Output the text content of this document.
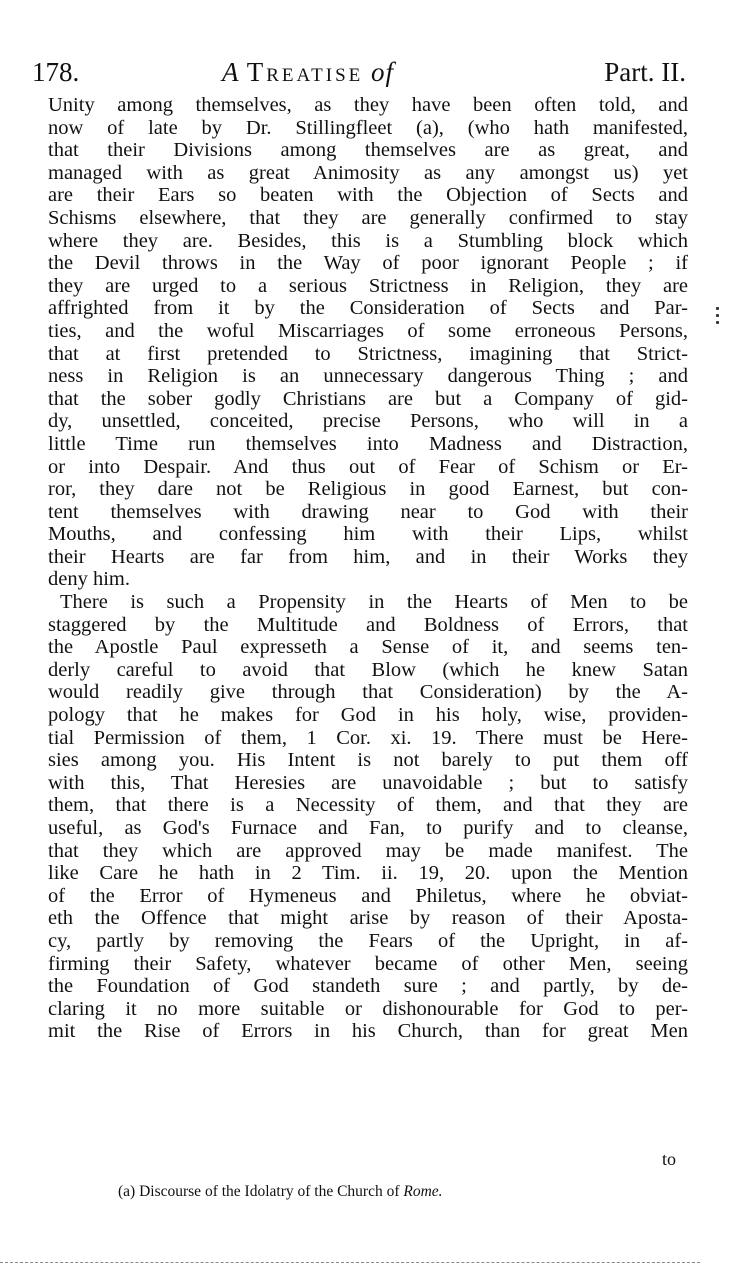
178.	A Treatise of	Part. II.
Unity among themselves, as they have been often told, and
now of late by Dr. Stillingfleet (a), (who hath manifested,
that their Divisions among themselves are as great, and
managed with as great Animosity as any amongst us) yet
are their Ears so beaten with the Objection of Sects and
Schisms elsewhere, that they are generally confirmed to stay
where they are. Besides, this is a Stumbling block which
the Devil throws in the Way of poor ignorant People ; if
they are urged to a serious Strictness in Religion, they are
affrighted from it by the Consideration of Sects and Par-
ties, and the woful Miscarriages of some erroneous Persons,
that at first pretended to Strictness, imagining that Strict-
ness in Religion is an unnecessary dangerous Thing ; and
that the sober godly Christians are but a Company of gid-
dy, unsettled, conceited, precise Persons, who will in a
little Time run themselves into Madness and Distraction,
or into Despair. And thus out of Fear of Schism or Er-
ror, they dare not be Religious in good Earnest, but con-
tent themselves with drawing near to God with their
Mouths, and confessing him with their Lips, whilst
their Hearts are far from him, and in their Works they
deny him.
There is such a Propensity in the Hearts of Men to be
staggered by the Multitude and Boldness of Errors, that
the Apostle Paul expresseth a Sense of it, and seems ten-
derly careful to avoid that Blow (which he knew Satan
would readily give through that Consideration) by the A-
pology that he makes for God in his holy, wise, providen-
tial Permission of them, 1 Cor. xi. 19. There must be Here-
sies among you. His Intent is not barely to put them off
with this, That Heresies are unavoidable ; but to satisfy
them, that there is a Necessity of them, and that they are
useful, as God's Furnace and Fan, to purify and to cleanse,
that they which are approved may be made manifest. The
like Care he hath in 2 Tim. ii. 19, 20. upon the Mention
of the Error of Hymeneus and Philetus, where he obviat-
eth the Offence that might arise by reason of their Aposta-
cy, partly by removing the Fears of the Upright, in af-
firming their Safety, whatever became of other Men, seeing
the Foundation of God standeth sure ; and partly, by de-
claring it no more suitable or dishonourable for God to per-
mit the Rise of Errors in his Church, than for great Men
to
(a) Discourse of the Idolatry of the Church of Rome.
